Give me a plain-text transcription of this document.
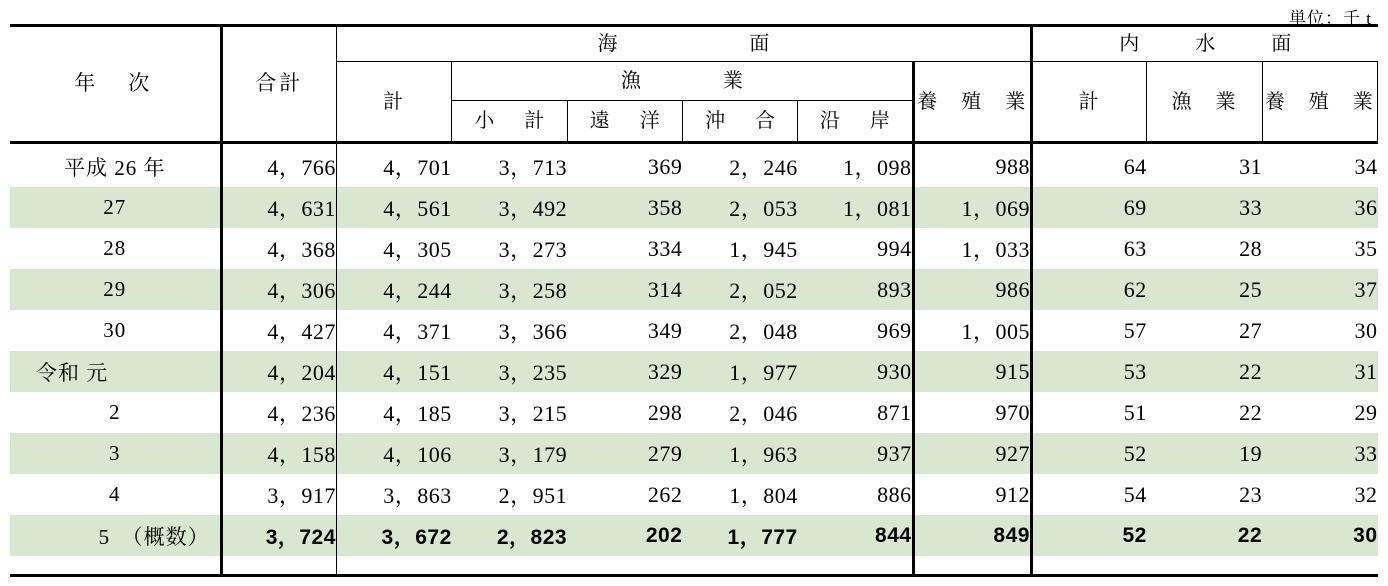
単位：千 t
年　次	合計	海　　　面						内　水　面		
		計	漁　　業				養　殖　業	計	漁　業	養　殖　業
			小　計	遠　洋	沖　合	沿　岸				
平成 26 年	4，766	4，701	3，713	369	2，246	1，098	988	64	31	34
27	4，631	4，561	3，492	358	2，053	1，081	1，069	69	33	36
28	4，368	4，305	3，273	334	1，945	994	1，033	63	28	35
29	4，306	4，244	3，258	314	2，052	893	986	62	25	37
30	4，427	4，371	3，366	349	2，048	969	1，005	57	27	30
令和 元	4，204	4，151	3，235	329	1，977	930	915	53	22	31
2	4，236	4，185	3，215	298	2，046	871	970	51	22	29
3	4，158	4，106	3，179	279	1，963	937	927	52	19	33
4	3，917	3，863	2，951	262	1，804	886	912	54	23	32
5　（概数）	3，724	3，672	2，823	202	1，777	844	849	52	22	30
